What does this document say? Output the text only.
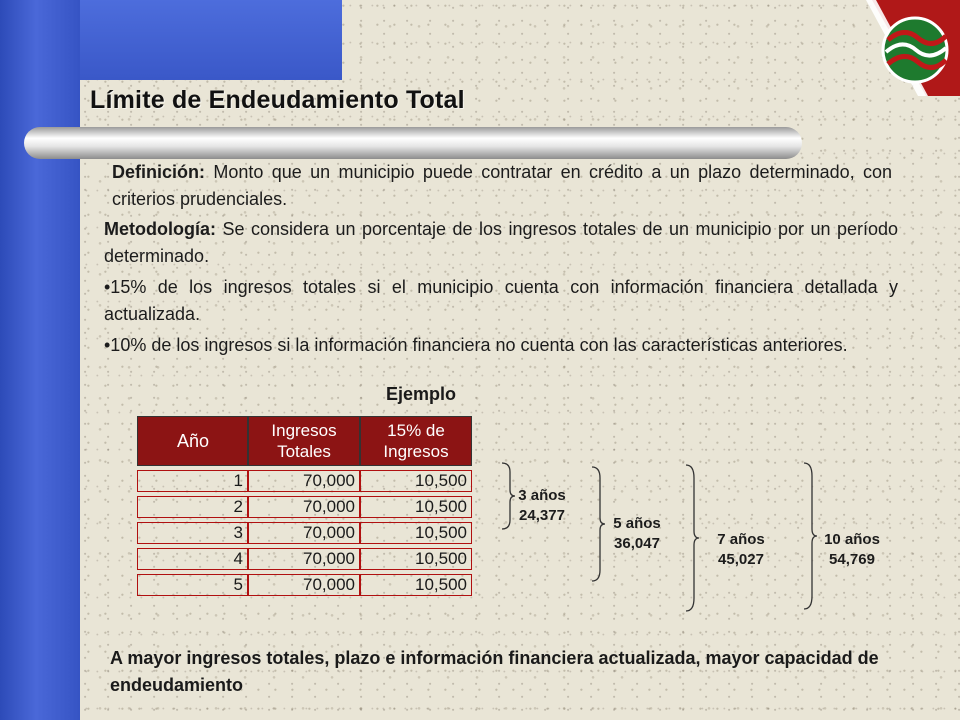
Límite de Endeudamiento Total
Definición: Monto que un municipio puede contratar en crédito a un plazo determinado, con criterios prudenciales.
Metodología: Se considera un porcentaje de los ingresos totales de un municipio por un período determinado.
•15% de los ingresos totales si el municipio cuenta con información financiera detallada y actualizada.
•10% de los ingresos si la información financiera no cuenta con las características anteriores.
Ejemplo
Año	Ingresos Totales	15% de Ingresos
1	70,000	10,500
2	70,000	10,500
3	70,000	10,500
4	70,000	10,500
5	70,000	10,500
3 años
24,377	5 años
36,047	7 años
45,027
10 años
54,769
A mayor ingresos totales, plazo e información financiera actualizada, mayor capacidad de endeudamiento
